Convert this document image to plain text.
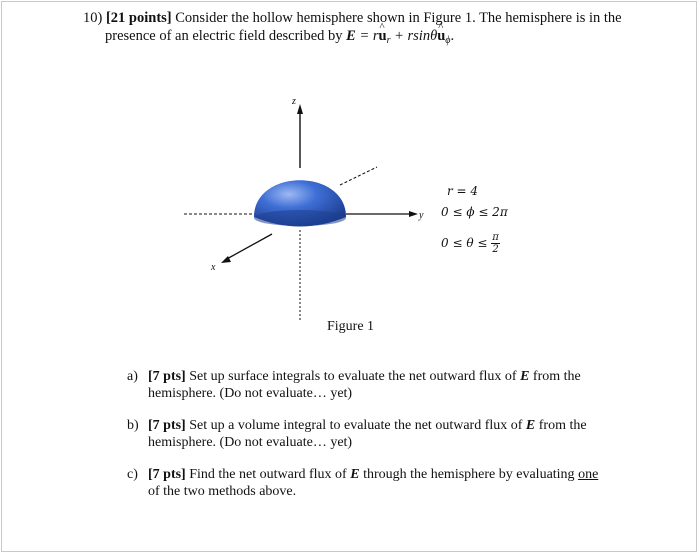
10) [21 points] Consider the hollow hemisphere shown in Figure 1. The hemisphere is in the
presence of an electric field described by E = r^ $u_r$ + rsinθ^ $u_\phi$.
z
y
x
r = 4
0 ≤ ϕ ≤ 2π
$0 \le \theta \le \frac{\pi}{2}$
Figure 1
a) [7 pts] Set up surface integrals to evaluate the net outward flux of E from the hemisphere. (Do not evaluate… yet)
b) [7 pts] Set up a volume integral to evaluate the net outward flux of E from the hemisphere. (Do not evaluate… yet)
c) [7 pts] Find the net outward flux of E through the hemisphere by evaluating one of the two methods above.
